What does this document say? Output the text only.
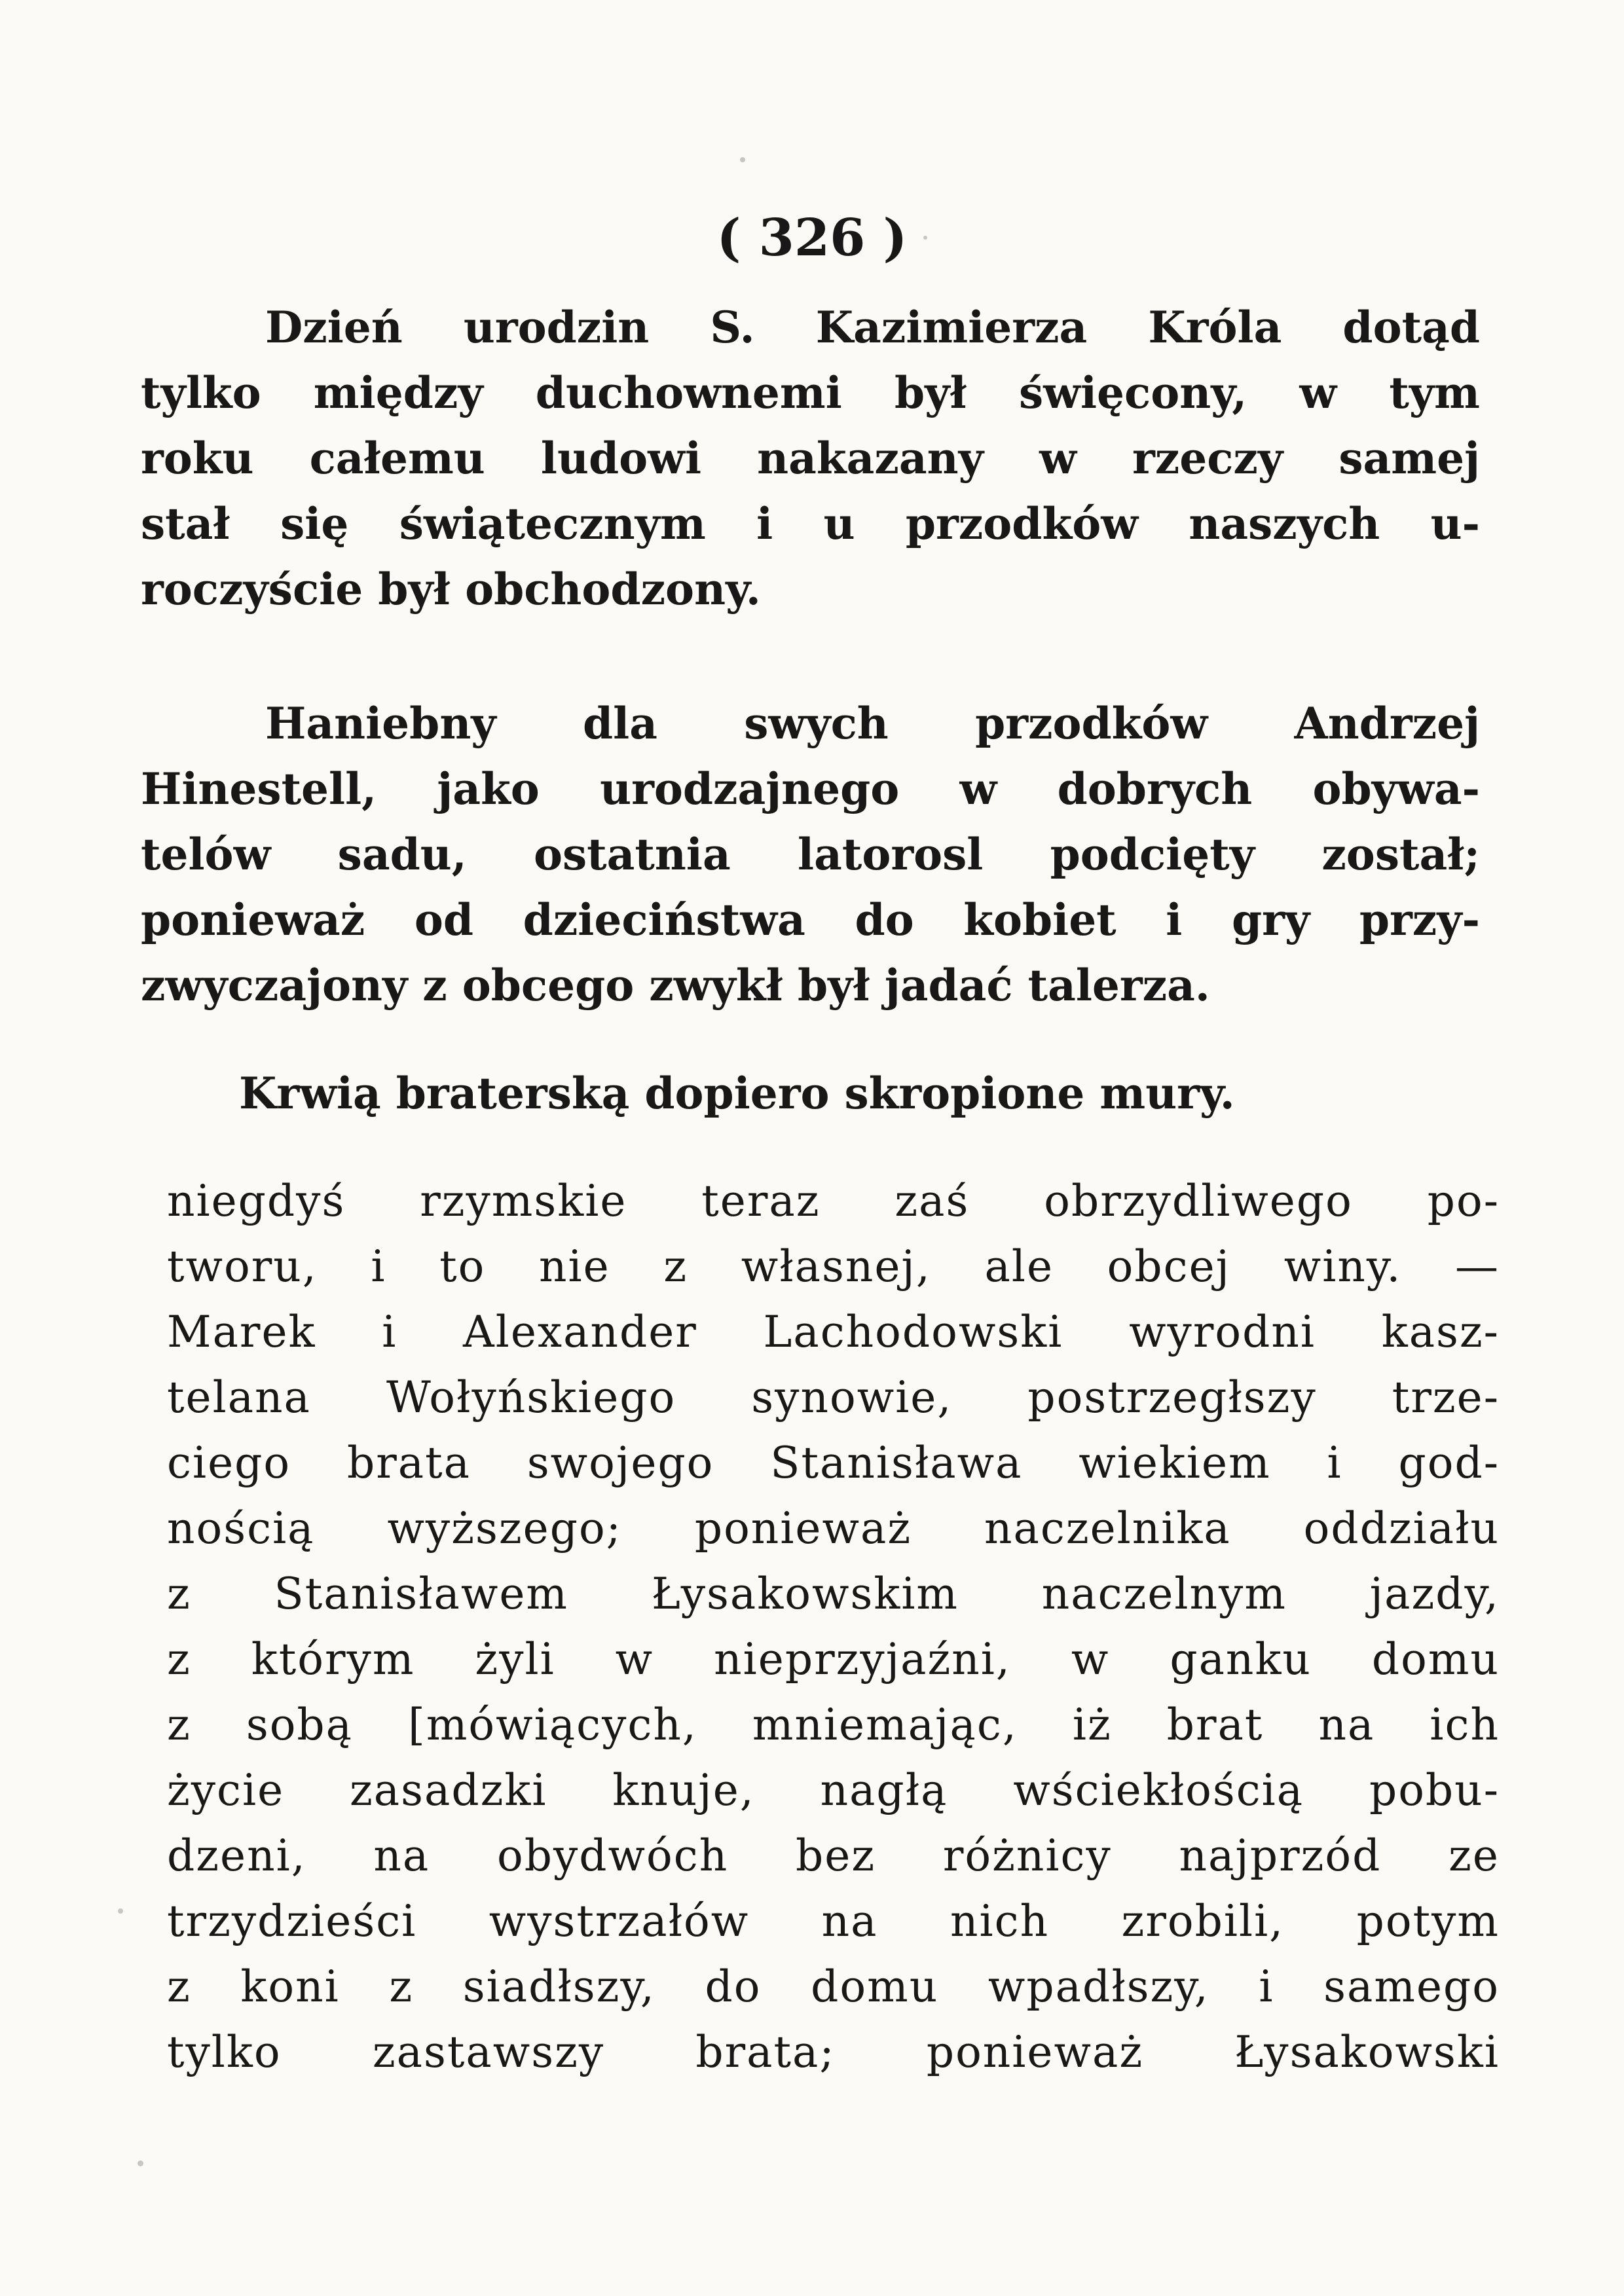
( 326 )
Dzień urodzin S. Kazimierza Króla dotąd
tylko między duchownemi był święcony, w tym
roku całemu ludowi nakazany w rzeczy samej
stał się świątecznym i u przodków naszych u-
roczyście był obchodzony.
Haniebny dla swych przodków Andrzej
Hinestell, jako urodzajnego w dobrych obywa-
telów sadu, ostatnia latorosl podcięty został;
ponieważ od dzieciństwa do kobiet i gry przy-
zwyczajony z obcego zwykł był jadać talerza.
Krwią braterską dopiero skropione mury.
niegdyś rzymskie teraz zaś obrzydliwego po-
tworu, i to nie z własnej, ale obcej winy. —
Marek i Alexander Lachodowski wyrodni kasz-
telana Wołyńskiego synowie, postrzegłszy trze-
ciego brata swojego Stanisława wiekiem i god-
nością wyższego; ponieważ naczelnika oddziału
z Stanisławem Łysakowskim naczelnym jazdy,
z którym żyli w nieprzyjaźni, w ganku domu
z sobą [mówiących, mniemając, iż brat na ich
życie zasadzki knuje, nagłą wściekłością pobu-
dzeni, na obydwóch bez różnicy najprzód ze
trzydzieści wystrzałów na nich zrobili, potym
z koni z siadłszy, do domu wpadłszy, i samego
tylko zastawszy brata; ponieważ Łysakowski
